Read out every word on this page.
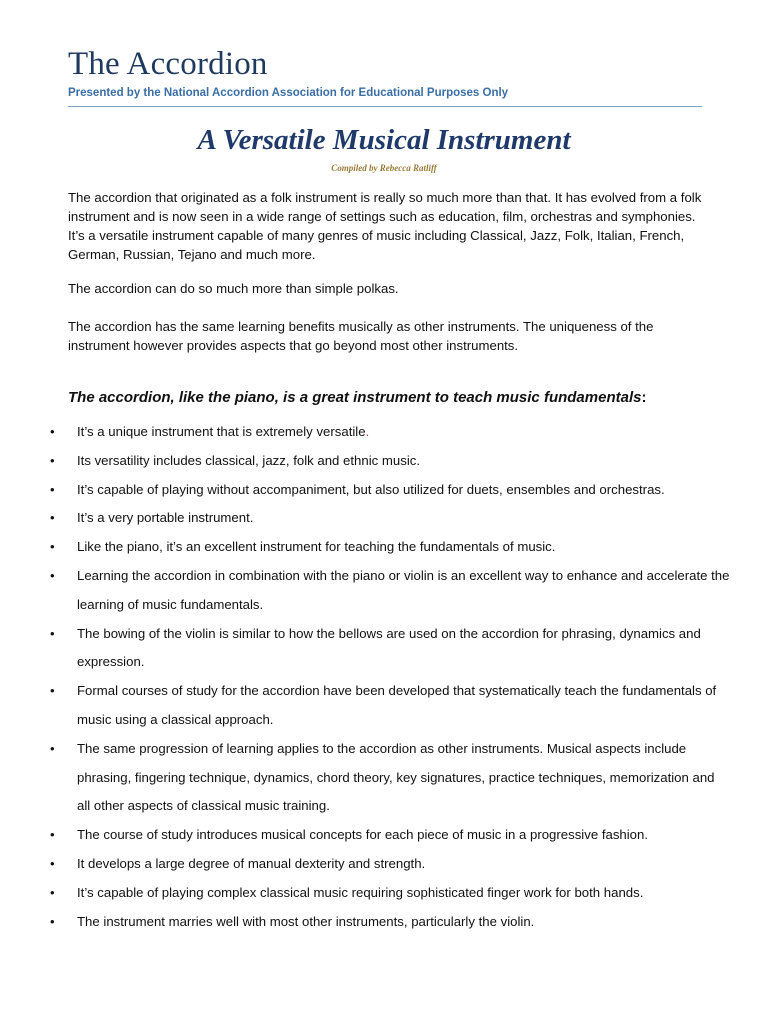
The Accordion
Presented by the National Accordion Association for Educational Purposes Only
A Versatile Musical Instrument
Compiled by Rebecca Ratliff

The accordion that originated as a folk instrument is really so much more than that. It has evolved from a folk instrument and is now seen in a wide range of settings such as education, film, orchestras and symphonies. It’s a versatile instrument capable of many genres of music including Classical, Jazz, Folk, Italian, French, German, Russian, Tejano and much more.

The accordion can do so much more than simple polkas.

The accordion has the same learning benefits musically as other instruments. The uniqueness of the instrument however provides aspects that go beyond most other instruments.

The accordion, like the piano, is a great instrument to teach music fundamentals:
• It’s a unique instrument that is extremely versatile.
• Its versatility includes classical, jazz, folk and ethnic music.
• It’s capable of playing without accompaniment, but also utilized for duets, ensembles and orchestras.
• It’s a very portable instrument.
• Like the piano, it’s an excellent instrument for teaching the fundamentals of music.
• Learning the accordion in combination with the piano or violin is an excellent way to enhance and accelerate the learning of music fundamentals.
• The bowing of the violin is similar to how the bellows are used on the accordion for phrasing, dynamics and expression.
• Formal courses of study for the accordion have been developed that systematically teach the fundamentals of music using a classical approach.
• The same progression of learning applies to the accordion as other instruments. Musical aspects include phrasing, fingering technique, dynamics, chord theory, key signatures, practice techniques, memorization and all other aspects of classical music training.
• The course of study introduces musical concepts for each piece of music in a progressive fashion.
• It develops a large degree of manual dexterity and strength.
• It’s capable of playing complex classical music requiring sophisticated finger work for both hands.
• The instrument marries well with most other instruments, particularly the violin.
